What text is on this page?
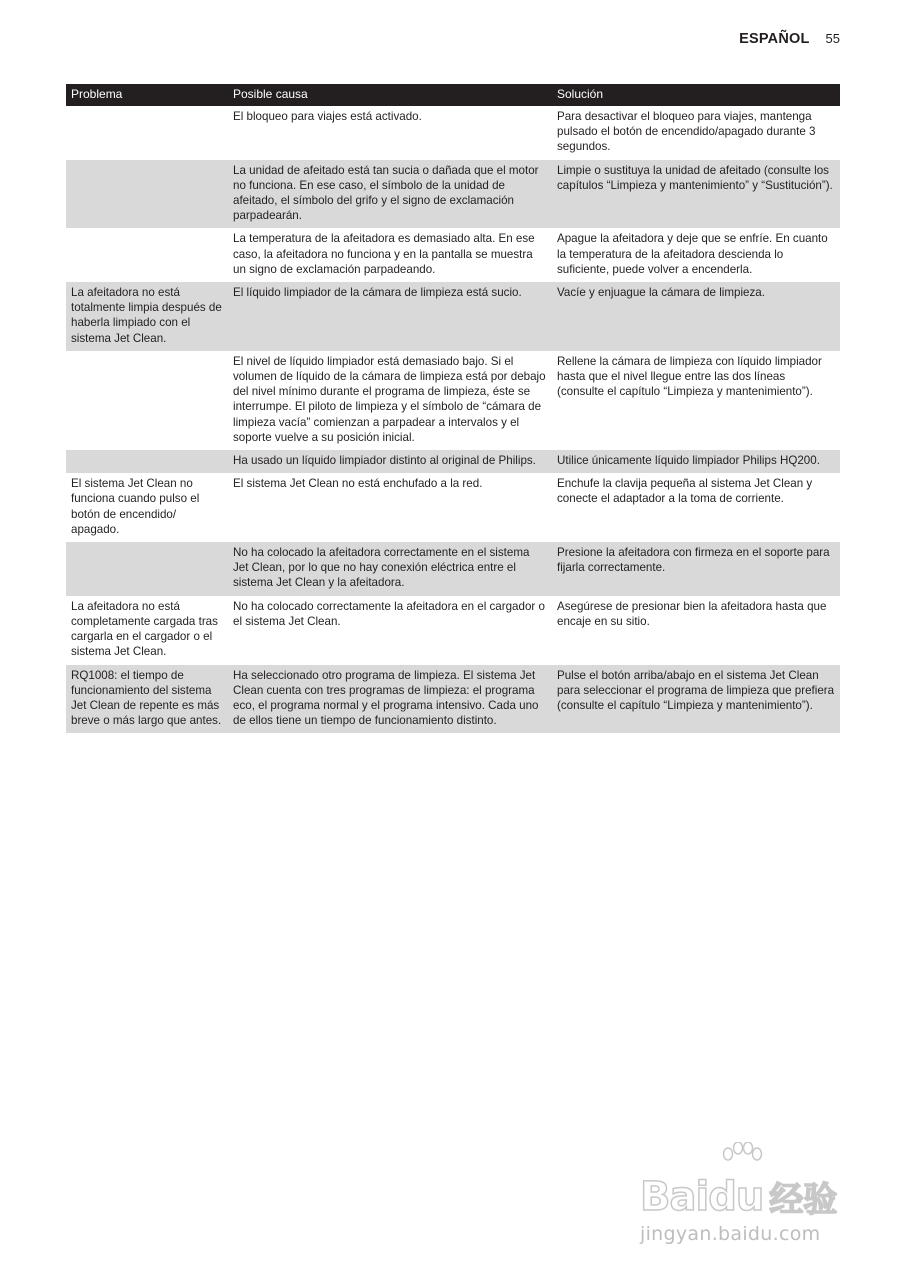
ESPAÑOL 55
Problema	Posible causa	Solución
	El bloqueo para viajes está activado.	Para desactivar el bloqueo para viajes, mantenga pulsado el botón de encendido/apagado durante 3 segundos.
	La unidad de afeitado está tan sucia o dañada que el motor no funciona. En ese caso, el símbolo de la unidad de afeitado, el símbolo del grifo y el signo de exclamación parpadearán.	Limpie o sustituya la unidad de afeitado (consulte los capítulos “Limpieza y mantenimiento” y “Sustitución”).
	La temperatura de la afeitadora es demasiado alta. En ese caso, la afeitadora no funciona y en la pantalla se muestra un signo de exclamación parpadeando.	Apague la afeitadora y deje que se enfríe. En cuanto la temperatura de la afeitadora descienda lo suficiente, puede volver a encenderla.
La afeitadora no está totalmente limpia después de haberla limpiado con el sistema Jet Clean.	El líquido limpiador de la cámara de limpieza está sucio.	Vacíe y enjuague la cámara de limpieza.
	El nivel de líquido limpiador está demasiado bajo. Si el volumen de líquido de la cámara de limpieza está por debajo del nivel mínimo durante el programa de limpieza, éste se interrumpe. El piloto de limpieza y el símbolo de “cámara de limpieza vacía” comienzan a parpadear a intervalos y el soporte vuelve a su posición inicial.	Rellene la cámara de limpieza con líquido limpiador hasta que el nivel llegue entre las dos líneas (consulte el capítulo “Limpieza y mantenimiento”).
	Ha usado un líquido limpiador distinto al original de Philips.	Utilice únicamente líquido limpiador Philips HQ200.
El sistema Jet Clean no funciona cuando pulso el botón de encendido/ apagado.	El sistema Jet Clean no está enchufado a la red.	Enchufe la clavija pequeña al sistema Jet Clean y conecte el adaptador a la toma de corriente.
	No ha colocado la afeitadora correctamente en el sistema Jet Clean, por lo que no hay conexión eléctrica entre el sistema Jet Clean y la afeitadora.	Presione la afeitadora con firmeza en el soporte para fijarla correctamente.
La afeitadora no está completamente cargada tras cargarla en el cargador o el sistema Jet Clean.	No ha colocado correctamente la afeitadora en el cargador o el sistema Jet Clean.	Asegúrese de presionar bien la afeitadora hasta que encaje en su sitio.
RQ1008: el tiempo de funcionamiento del sistema Jet Clean de repente es más breve o más largo que antes.	Ha seleccionado otro programa de limpieza. El sistema Jet Clean cuenta con tres programas de limpieza: el programa eco, el programa normal y el programa intensivo. Cada uno de ellos tiene un tiempo de funcionamiento distinto.	Pulse el botón arriba/abajo en el sistema Jet Clean para seleccionar el programa de limpieza que prefiera (consulte el capítulo “Limpieza y mantenimiento”).
Baidu 经验
jingyan.baidu.com
